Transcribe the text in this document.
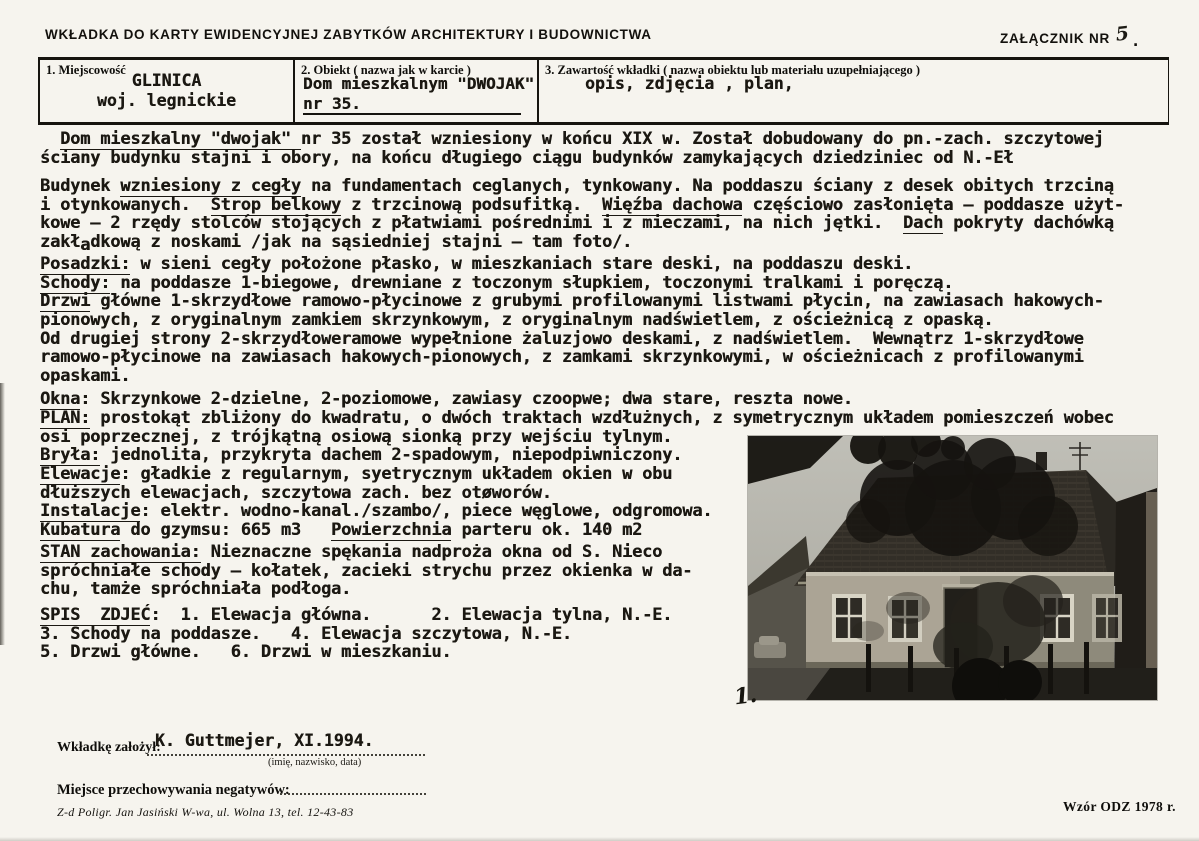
WKŁADKA DO KARTY EWIDENCYJNEJ ZABYTKÓW ARCHITEKTURY I BUDOWNICTWA	ZAŁĄCZNIK NR 5 .
1. Miejscowość
GLINICA
woj. legnickie
2. Obiekt ( nazwa jak w karcie )
Dom mieszkalnym "DWOJAK"
nr 35.
3. Zawartość wkładki ( nazwa obiektu lub materiału uzupełniającego )
opis, zdjęcia , plan,
Dom mieszkalny "dwojak" nr 35 został wzniesiony w końcu XIX w. Został dobudowany do pn.-zach. szczytowej
ściany budynku stajni i obory, na końcu długiego ciągu budynków zamykających dziedziniec od N.-Eł
Budynek wzniesiony z cegły na fundamentach ceglanych, tynkowany. Na poddaszu ściany z desek obitych trzciną
i otynkowanych.  Strop belkowy z trzcinową podsufitką.  Więźba dachowa częściowo zasłonięta – poddasze użyt-
kowe – 2 rzędy stolców stojących z płatwiami pośrednimi i z mieczami, na nich jętki.  Dach pokryty dachówką
zakładkową z noskami /jak na sąsiedniej stajni – tam foto/.
Posadzki: w sieni cegły położone płasko, w mieszkaniach stare deski, na poddaszu deski.
Schody: na poddasze 1-biegowe, drewniane z toczonym słupkiem, toczonymi tralkami i poręczą.
Drzwi główne 1-skrzydłowe ramowo-płycinowe z grubymi profilowanymi listwami płycin, na zawiasach hakowych-
pionowych, z oryginalnym zamkiem skrzynkowym, z oryginalnym nadświetlem, z ościeżnicą z opaską.
Od drugiej strony 2-skrzydłoweramowe wypełnione żaluzjowo deskami, z nadświetlem.  Wewnątrz 1-skrzydłowe
ramowo-płycinowe na zawiasach hakowych-pionowych, z zamkami skrzynkowymi, w ościeżnicach z profilowanymi
opaskami.
Okna: Skrzynkowe 2-dzielne, 2-poziomowe, zawiasy czoopwe; dwa stare, reszta nowe.
PLAN: prostokąt zbliżony do kwadratu, o dwóch traktach wzdłużnych, z symetrycznym układem pomieszczeń wobec
osi poprzecznej, z trójkątną osiową sionką przy wejściu tylnym.
Bryła: jednolita, przykryta dachem 2-spadowym, niepodpiwniczony.
Elewacje: gładkie z regularnym, syetrycznym układem okien w obu
dłuższych elewacjach, szczytowa zach. bez otøworów.
Instalacje: elektr. wodno-kanal./szambo/, piece węglowe, odgromowa.
Kubatura do gzymsu: 665 m3   Powierzchnia parteru ok. 140 m2
STAN zachowania: Nieznaczne spękania nadproża okna od S. Nieco
spróchniałe schody – kołatek, zacieki strychu przez okienka w da-
chu, tamże spróchniała podłoga.
SPIS  ZDJEĆ:  1. Elewacja główna.      2. Elewacja tylna, N.-E.
3. Schody na poddasze.   4. Elewacja szczytowa, N.-E.
5. Drzwi główne.   6. Drzwi w mieszkaniu.
1.
Wkładkę założył:
K. Guttmejer, XI.1994.
(imię, nazwisko, data)
Miejsce przechowywania negatywów:
Z-d Poligr. Jan Jasiński W-wa, ul. Wolna 13, tel. 12-43-83	Wzór ODZ 1978 r.
